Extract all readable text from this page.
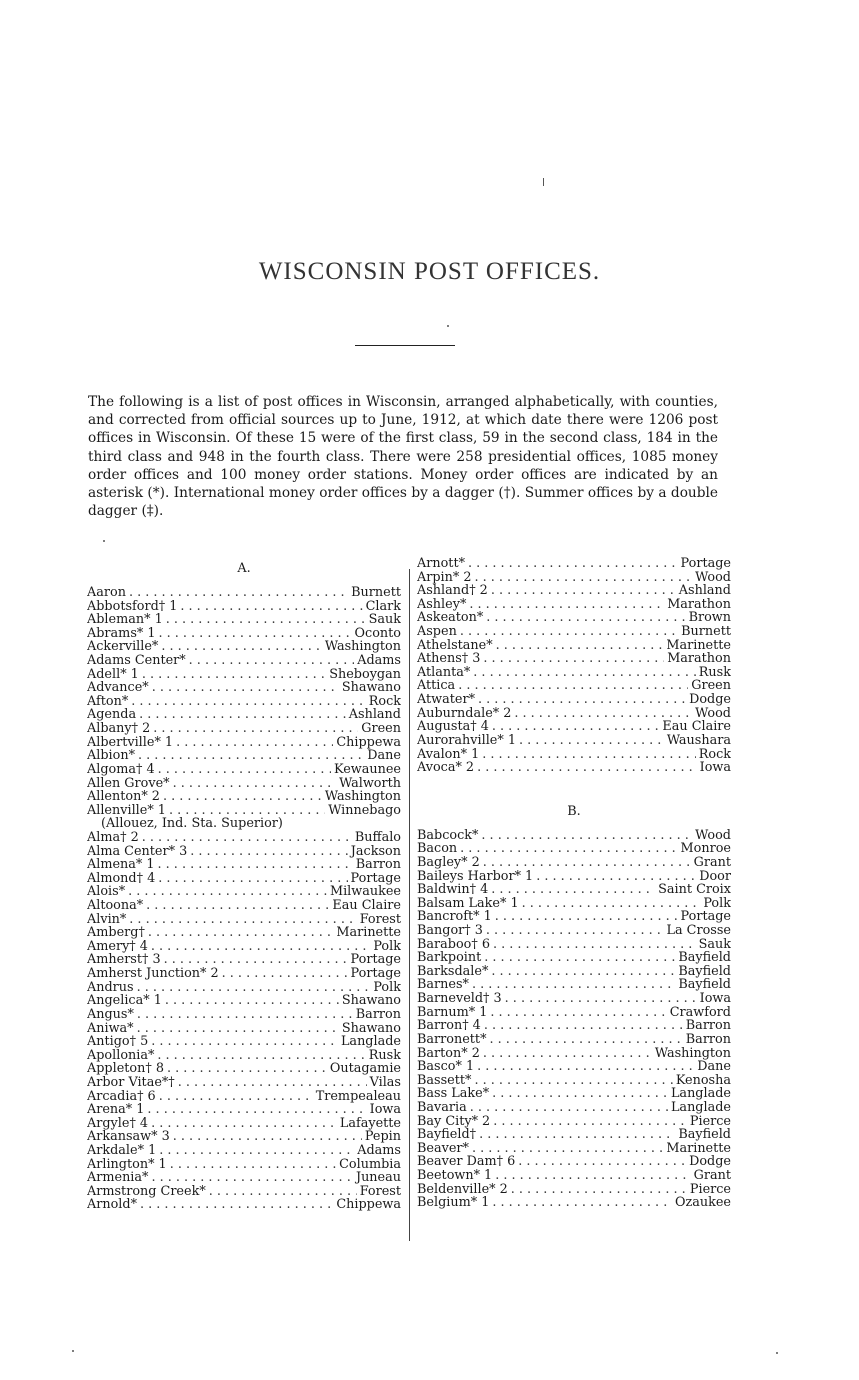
WISCONSIN POST OFFICES.
The following is a list of post offices in Wisconsin, arranged alphabetically, with counties, and corrected from official sources up to June, 1912, at which date there were 1206 post offices in Wisconsin. Of these 15 were of the first class, 59 in the second class, 184 in the third class and 948 in the fourth class. There were 258 presidential offices, 1085 money order offices and 100 money order stations. Money order offices are indicated by an asterisk (*). International money order offices by a dagger (†). Summer offices by a double dagger (‡).
A.
Aaron . . .	Burnett
Abbotsford† 1 . . .	Clark
Ableman* 1 . . .	Sauk
Abrams* 1 . . .	Oconto
Ackerville* . . .	Washington
Adams Center* . . .	Adams
Adell* 1 . . .	Sheboygan
Advance* . . .	Shawano
Afton* . . .	Rock
Agenda . . .	Ashland
Albany† 2 . . .	Green
Albertville* 1 . . .	Chippewa
Albion* . . .	Dane
Algoma† 4 . . .	Kewaunee
Allen Grove* . . .	Walworth
Allenton* 2 . . .	Washington
Allenville* 1 . . .	Winnebago
(Allouez, Ind. Sta. Superior)
Alma† 2 . . .	Buffalo
Alma Center* 3 . . .	Jackson
Almena* 1 . . .	Barron
Almond† 4 . . .	Portage
Alois* . . .	Milwaukee
Altoona* . . .	Eau Claire
Alvin* . . .	Forest
Amberg† . . .	Marinette
Amery† 4 . . .	Polk
Amherst† 3 . . .	Portage
Amherst Junction* 2 . . .	Portage
Andrus . . .	Polk
Angelica* 1 . . .	Shawano
Angus* . . .	Barron
Aniwa* . . .	Shawano
Antigo† 5 . . .	Langlade
Apollonia* . . .	Rusk
Appleton† 8 . . .	Outagamie
Arbor Vitae*† . . .	Vilas
Arcadia† 6 . . .	Trempealeau
Arena* 1 . . .	Iowa
Argyle† 4 . . .	Lafayette
Arkansaw* 3 . . .	Pepin
Arkdale* 1 . . .	Adams
Arlington* 1 . . .	Columbia
Armenia* . . .	Juneau
Armstrong Creek* . . .	Forest
Arnold* . . .	Chippewa
Arnott* . . .	Portage
Arpin* 2 . . .	Wood
Ashland† 2 . . .	Ashland
Ashley* . . .	Marathon
Askeaton* . . .	Brown
Aspen . . .	Burnett
Athelstane* . . .	Marinette
Athens† 3 . . .	Marathon
Atlanta* . . .	Rusk
Attica . . .	Green
Atwater* . . .	Dodge
Auburndale* 2 . . .	Wood
Augusta† 4 . . .	Eau Claire
Aurorahville* 1 . . .	Waushara
Avalon* 1 . . .	Rock
Avoca* 2 . . .	Iowa
B.
Babcock* . . .	Wood
Bacon . . .	Monroe
Bagley* 2 . . .	Grant
Baileys Harbor* 1 . . .	Door
Baldwin† 4 . . .	Saint Croix
Balsam Lake* 1 . . .	Polk
Bancroft* 1 . . .	Portage
Bangor† 3 . . .	La Crosse
Baraboo† 6 . . .	Sauk
Barkpoint . . .	Bayfield
Barksdale* . . .	Bayfield
Barnes* . . .	Bayfield
Barneveld† 3 . . .	Iowa
Barnum* 1 . . .	Crawford
Barron† 4 . . .	Barron
Barronett* . . .	Barron
Barton* 2 . . .	Washington
Basco* 1 . . .	Dane
Bassett* . . .	Kenosha
Bass Lake* . . .	Langlade
Bavaria . . .	Langlade
Bay City* 2 . . .	Pierce
Bayfield† . . .	Bayfield
Beaver* . . .	Marinette
Beaver Dam† 6 . . .	Dodge
Beetown* 1 . . .	Grant
Beldenville* 2 . . .	Pierce
Belgium* 1 . . .	Ozaukee
